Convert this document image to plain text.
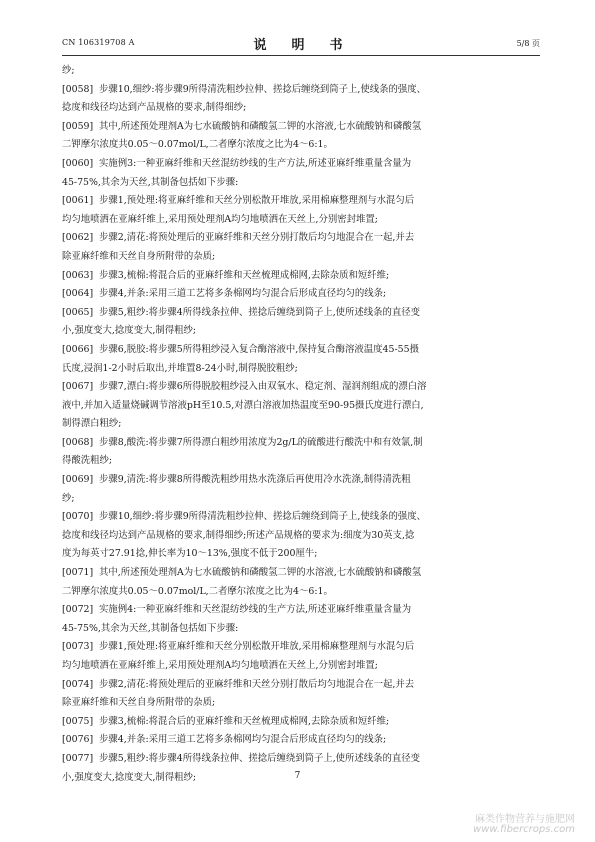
CN 106319708 A	说　明　书	5/8 页
纱;
[0058] 步骤10,细纱:将步骤9所得清洗粗纱拉伸、搓捻后缠绕到筒子上,使线条的强度、
捻度和线径均达到产品规格的要求,制得细纱;
[0059] 其中,所述预处理剂A为七水硫酸钠和磷酸氢二钾的水溶液,七水硫酸钠和磷酸氢
二钾摩尔浓度共0.05～0.07mol/L,二者摩尔浓度之比为4～6:1。
[0060] 实施例3:一种亚麻纤维和天丝混纺纱线的生产方法,所述亚麻纤维重量含量为
45-75%,其余为天丝,其制备包括如下步骤:
[0061] 步骤1,预处理:将亚麻纤维和天丝分别松散开堆放,采用棉麻整理剂与水混匀后
均匀地喷洒在亚麻纤维上,采用预处理剂A均匀地喷洒在天丝上,分别密封堆置;
[0062] 步骤2,清花:将预处理后的亚麻纤维和天丝分别打散后均匀地混合在一起,并去
除亚麻纤维和天丝自身所附带的杂质;
[0063] 步骤3,梳棉:将混合后的亚麻纤维和天丝梳理成棉网,去除杂质和短纤维;
[0064] 步骤4,并条:采用三道工艺将多条棉网均匀混合后形成直径均匀的线条;
[0065] 步骤5,粗纱:将步骤4所得线条拉伸、搓捻后缠绕到筒子上,使所述线条的直径变
小,强度变大,捻度变大,制得粗纱;
[0066] 步骤6,脱胶:将步骤5所得粗纱浸入复合酶溶液中,保持复合酶溶液温度45-55摄
氏度,浸润1-2小时后取出,并堆置8-24小时,制得脱胶粗纱;
[0067] 步骤7,漂白:将步骤6所得脱胶粗纱浸入由双氧水、稳定剂、湿润剂组成的漂白溶
液中,并加入适量烧碱调节溶液pH至10.5,对漂白溶液加热温度至90-95摄氏度进行漂白,
制得漂白粗纱;
[0068] 步骤8,酸洗:将步骤7所得漂白粗纱用浓度为2g/L的硫酸进行酸洗中和有效氯,制
得酸洗粗纱;
[0069] 步骤9,清洗:将步骤8所得酸洗粗纱用热水洗涤后再使用冷水洗涤,制得清洗粗
纱;
[0070] 步骤10,细纱:将步骤9所得清洗粗纱拉伸、搓捻后缠绕到筒子上,使线条的强度、
捻度和线径均达到产品规格的要求,制得细纱;所述产品规格的要求为:细度为30英支,捻
度为每英寸27.91捻,伸长率为10～13%,强度不低于200厘牛;
[0071] 其中,所述预处理剂A为七水硫酸钠和磷酸氢二钾的水溶液,七水硫酸钠和磷酸氢
二钾摩尔浓度共0.05～0.07mol/L,二者摩尔浓度之比为4～6:1。
[0072] 实施例4:一种亚麻纤维和天丝混纺纱线的生产方法,所述亚麻纤维重量含量为
45-75%,其余为天丝,其制备包括如下步骤:
[0073] 步骤1,预处理:将亚麻纤维和天丝分别松散开堆放,采用棉麻整理剂与水混匀后
均匀地喷洒在亚麻纤维上,采用预处理剂A均匀地喷洒在天丝上,分别密封堆置;
[0074] 步骤2,清花:将预处理后的亚麻纤维和天丝分别打散后均匀地混合在一起,并去
除亚麻纤维和天丝自身所附带的杂质;
[0075] 步骤3,梳棉:将混合后的亚麻纤维和天丝梳理成棉网,去除杂质和短纤维;
[0076] 步骤4,并条:采用三道工艺将多条棉网均匀混合后形成直径均匀的线条;
[0077] 步骤5,粗纱:将步骤4所得线条拉伸、搓捻后缠绕到筒子上,使所述线条的直径变
小,强度变大,捻度变大,制得粗纱;	7
麻类作物营养与施肥网
www.fibercrops.com
